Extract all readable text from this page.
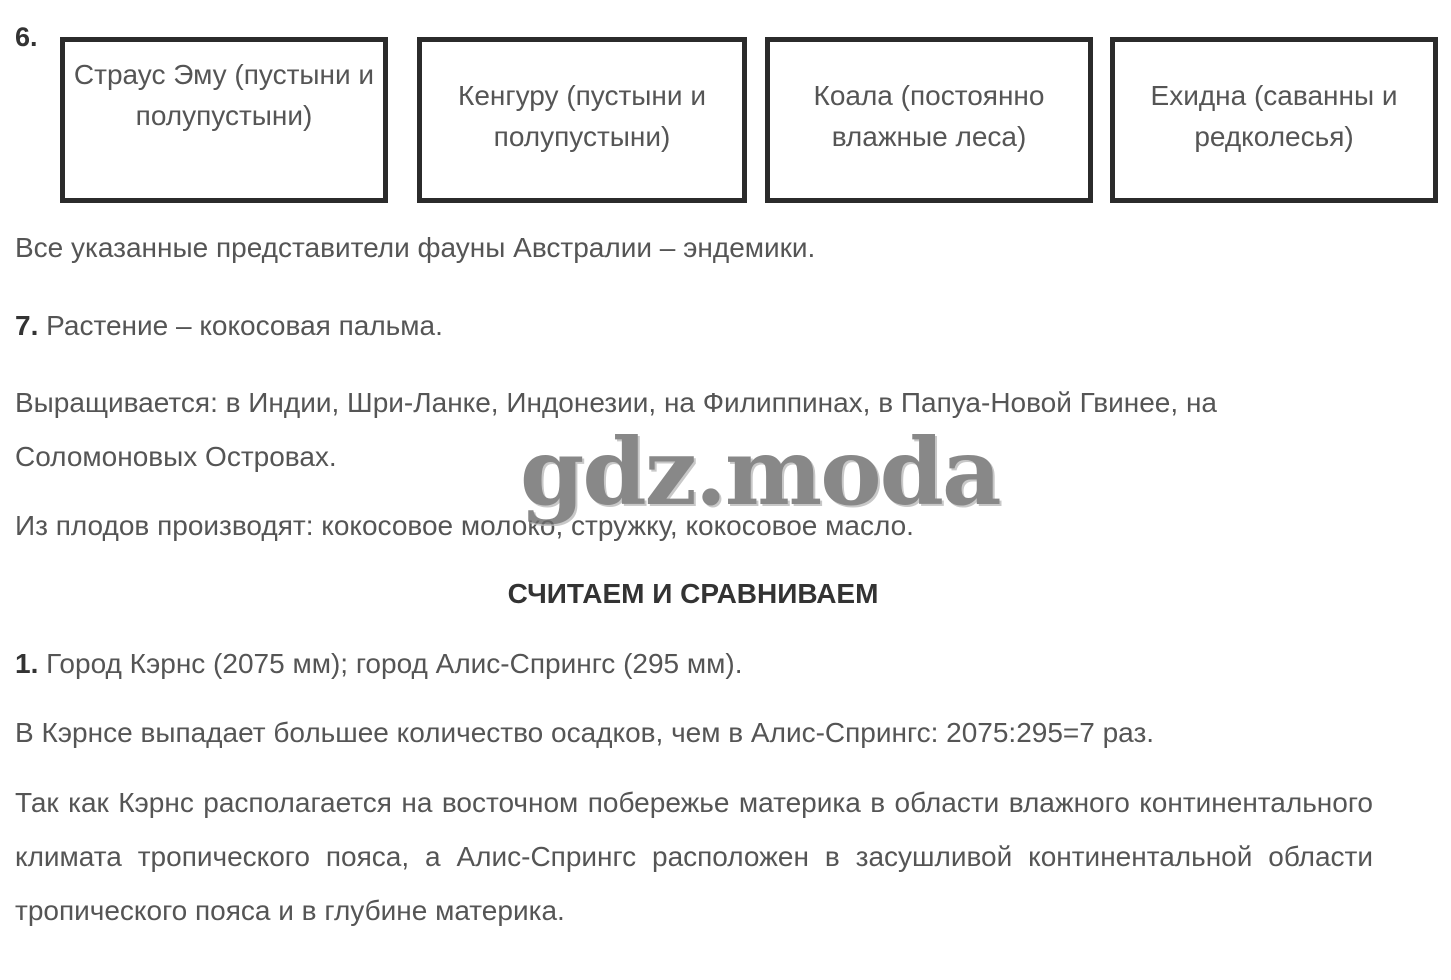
6.
Страус Эму (пустыни и полупустыни)
Кенгуру (пустыни и полупустыни)
Коала (постоянно влажные леса)
Ехидна (саванны и редколесья)
Все указанные представители фауны Австралии – эндемики.
7. Растение – кокосовая пальма.
Выращивается: в Индии, Шри-Ланке, Индонезии, на Филиппинах, в Папуа-Новой Гвинее, на Соломоновых Островах.
Из плодов производят: кокосовое молоко, стружку, кокосовое масло.
СЧИТАЕМ И СРАВНИВАЕМ
1. Город Кэрнс (2075 мм); город Алис-Спрингс (295 мм).
В Кэрнсе выпадает большее количество осадков, чем в Алис-Спрингс: 2075:295=7 раз.
Так как Кэрнс располагается на восточном побережье материка в области влажного континентального климата тропического пояса, а Алис-Спрингс расположен в засушливой континентальной области тропического пояса и в глубине материка.
gdz.moda
